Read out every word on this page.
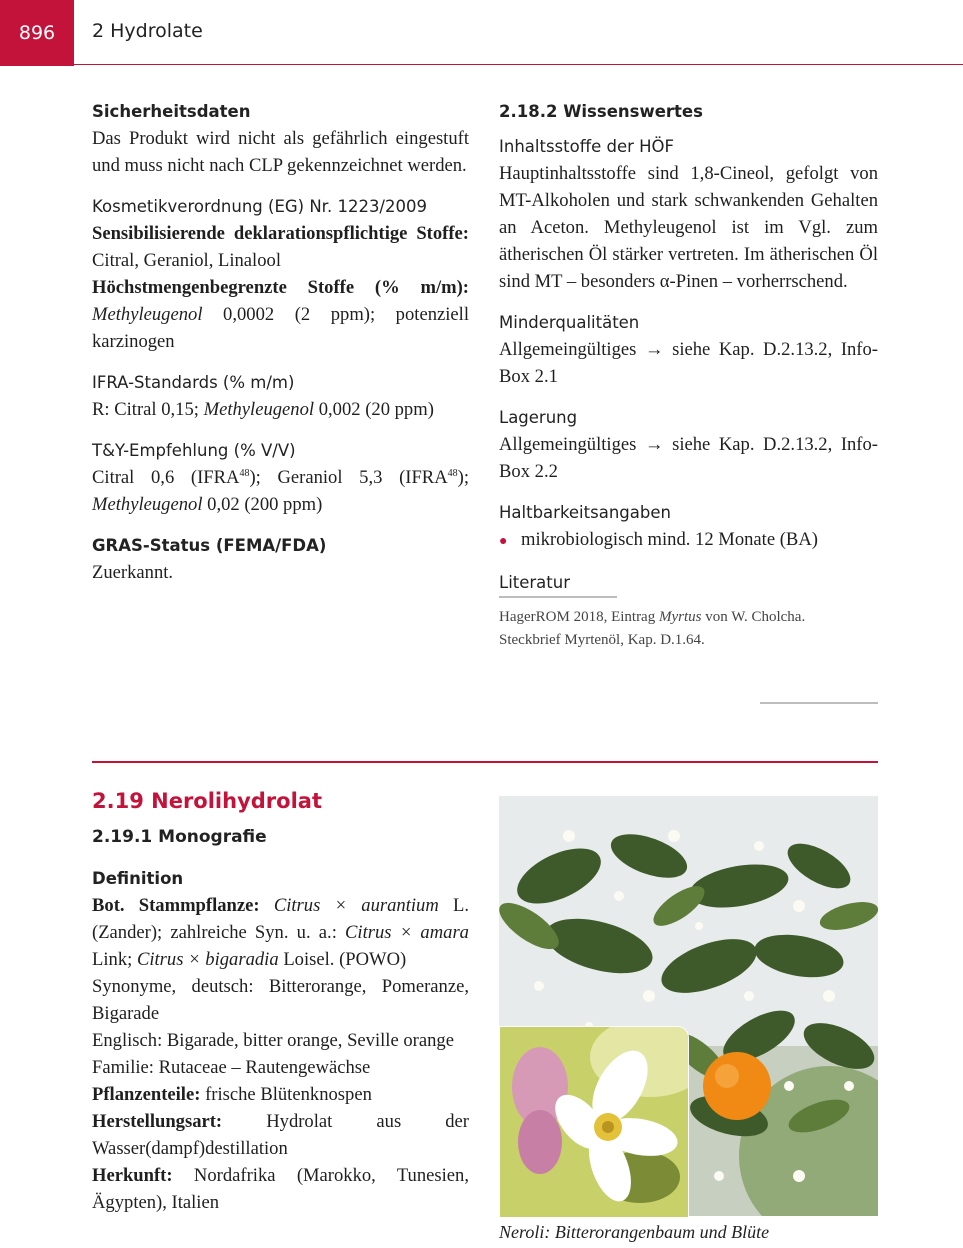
896 2 Hydrolate
Sicherheitsdaten

Das Produkt wird nicht als gefährlich eingestuft und muss nicht nach CLP gekennzeichnet werden.

Kosmetikverordnung (EG) Nr. 1223/2009

Sensibilisierende deklarationspflichtige Stoffe: Citral, Geraniol, Linalool

Höchstmengenbegrenzte Stoffe (% m/m): Methyleugenol 0,0002 (2 ppm); potenziell karzinogen

IFRA-Standards (% m/m)

R: Citral 0,15; Methyleugenol 0,002 (20 ppm)

T&Y-Empfehlung (% V/V)

Citral 0,6 (IFRA$^{48}$); Geraniol 5,3 (IFRA$^{48}$); Methyleugenol 0,02 (200 ppm)

GRAS-Status (FEMA/FDA)

Zuerkannt.

2.18.2 Wissenswertes
Inhaltsstoffe der HÖF

Hauptinhaltsstoffe sind 1,8-Cineol, gefolgt von MT-Alkoholen und stark schwankenden Gehalten an Aceton. Methyleugenol ist im Vgl. zum ätherischen Öl stärker vertreten. Im ätherischen Öl sind MT – besonders α-Pinen – vorherrschend.

Minderqualitäten

Allgemeingültiges → siehe Kap. D.2.13.2, Info-Box 2.1

Lagerung

Allgemeingültiges → siehe Kap. D.2.13.2, Info-Box 2.2

Haltbarkeitsangaben
● mikrobiologisch mind. 12 Monate (BA)
Literatur
HagerROM 2018, Eintrag Myrtus von W. Cholcha.
Steckbrief Myrtenöl, Kap. D.1.64.
2.19 Nerolihydrolat
2.19.1 Monografie
Definition

Bot. Stammpflanze: Citrus × aurantium L. (Zander); zahlreiche Syn. u. a.: Citrus × amara Link; Citrus × bigaradia Loisel. (POWO)

Synonyme, deutsch: Bitterorange, Pomeranze, Bigarade

Englisch: Bigarade, bitter orange, Seville orange

Familie: Rutaceae – Rautengewächse

Pflanzenteile: frische Blütenknospen

Herstellungsart: Hydrolat aus der Wasser(dampf)destillation

Herkunft: Nordafrika (Marokko, Tunesien, Ägypten), Italien

Neroli: Bitterorangenbaum und Blüte
